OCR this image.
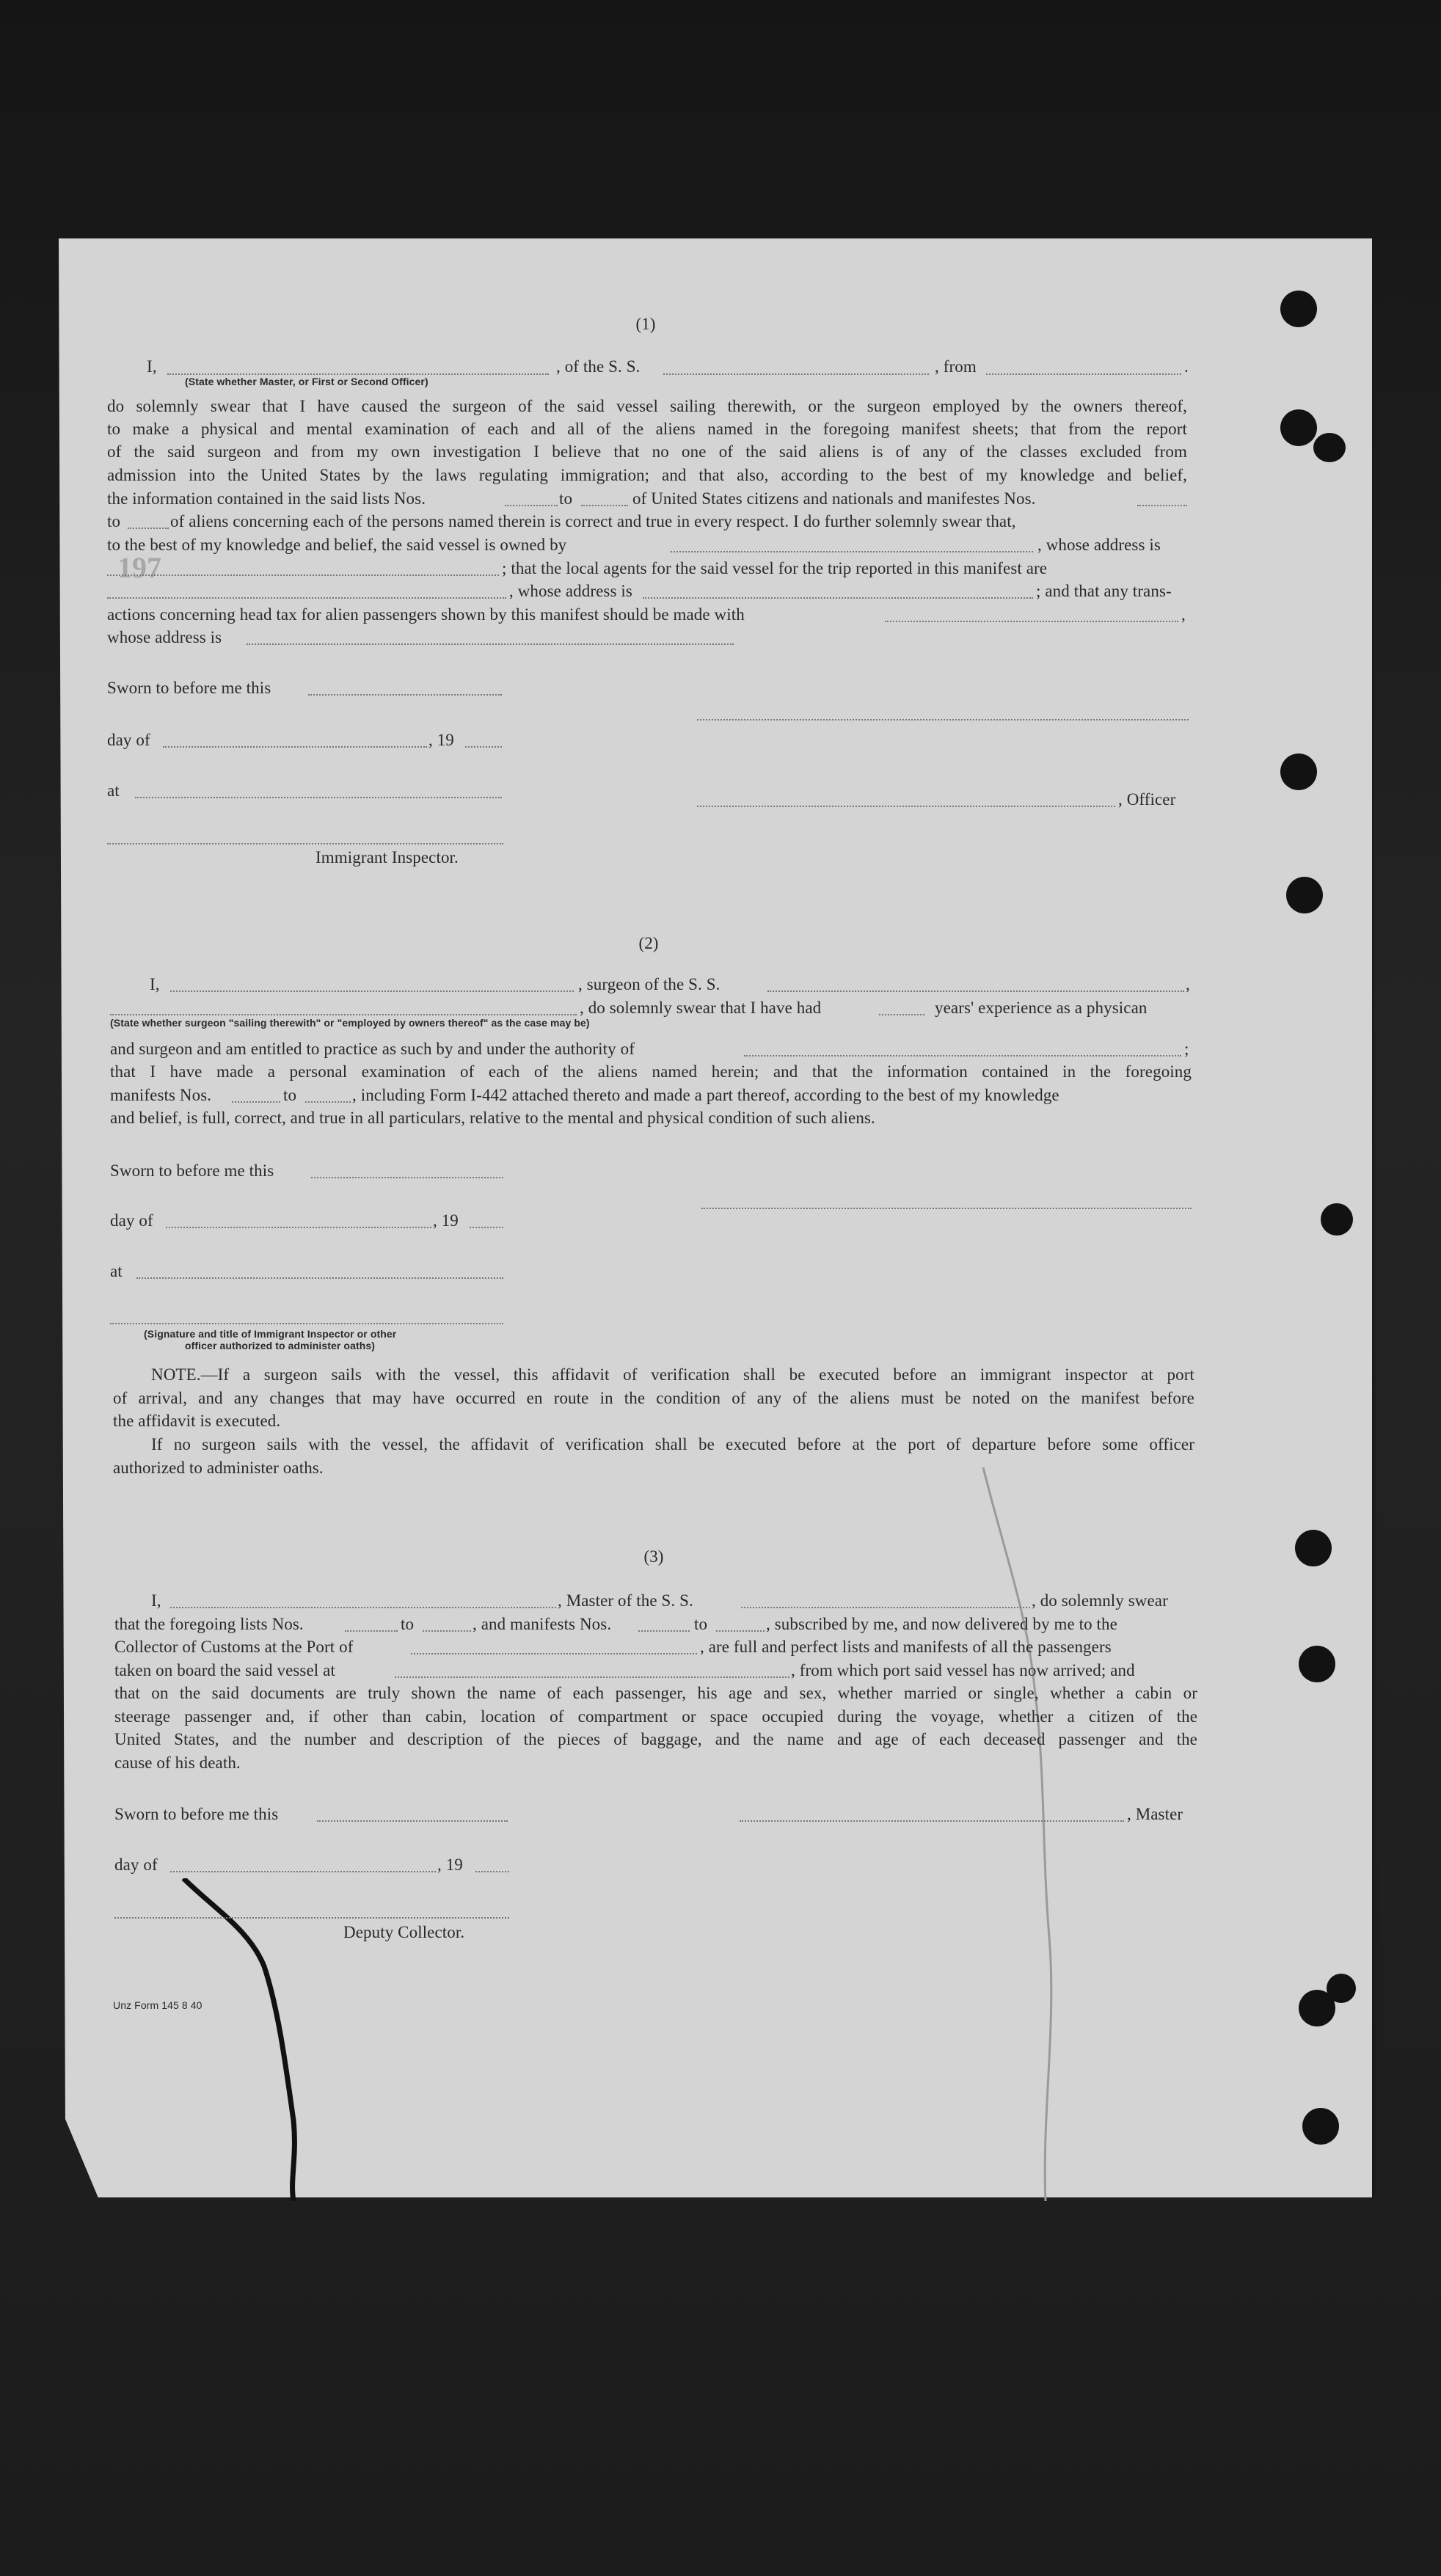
197
(1)
I,	, of the S. S.	, from	.
(State whether Master, or First or Second Officer)
do solemnly swear that I have caused the surgeon of the said vessel sailing therewith, or the surgeon employed by the owners thereof,
to make a physical and mental examination of each and all of the aliens named in the foregoing manifest sheets; that from the report
of the said surgeon and from my own investigation I believe that no one of the said aliens is of any of the classes excluded from
admission into the United States by the laws regulating immigration; and that also, according to the best of my knowledge and belief,
the information contained in the said lists Nos.	to	of United States citizens and nationals and manifestes Nos.
to	of aliens concerning each of the persons named therein is correct and true in every respect. I do further solemnly swear that,
to the best of my knowledge and belief, the said vessel is owned by	, whose address is
; that the local agents for the said vessel for the trip reported in this manifest are
, whose address is	; and that any trans-
actions concerning head tax for alien passengers shown by this manifest should be made with	,
whose address is
Sworn to before me this
day of	, 19
at	, Officer
Immigrant Inspector.
(2)
I,	, surgeon of the S. S.	,
, do solemnly swear that I have had	years' experience as a physican
(State whether surgeon "sailing therewith" or "employed by owners thereof" as the case may be)
and surgeon and am entitled to practice as such by and under the authority of	;
that I have made a personal examination of each of the aliens named herein; and that the information contained in the foregoing
manifests Nos.	to	, including Form I-442 attached thereto and made a part thereof, according to the best of my knowledge
and belief, is full, correct, and true in all particulars, relative to the mental and physical condition of such aliens.
Sworn to before me this
day of	, 19
at
(Signature and title of Immigrant Inspector or other
officer authorized to administer oaths)
NOTE.—If a surgeon sails with the vessel, this affidavit of verification shall be executed before an immigrant inspector at port
of arrival, and any changes that may have occurred en route in the condition of any of the aliens must be noted on the manifest before
the affidavit is executed.
If no surgeon sails with the vessel, the affidavit of verification shall be executed before at the port of departure before some officer
authorized to administer oaths.
(3)
I,	, Master of the S. S.	, do solemnly swear
that the foregoing lists Nos.	to	, and manifests Nos.	to	, subscribed by me, and now delivered by me to the
Collector of Customs at the Port of	, are full and perfect lists and manifests of all the passengers
taken on board the said vessel at	, from which port said vessel has now arrived; and
that on the said documents are truly shown the name of each passenger, his age and sex, whether married or single, whether a cabin or
steerage passenger and, if other than cabin, location of compartment or space occupied during the voyage, whether a citizen of the
United States, and the number and description of the pieces of baggage, and the name and age of each deceased passenger and the
cause of his death.
Sworn to before me this	, Master
day of	, 19
Deputy Collector.
Unz Form 145 8 40
